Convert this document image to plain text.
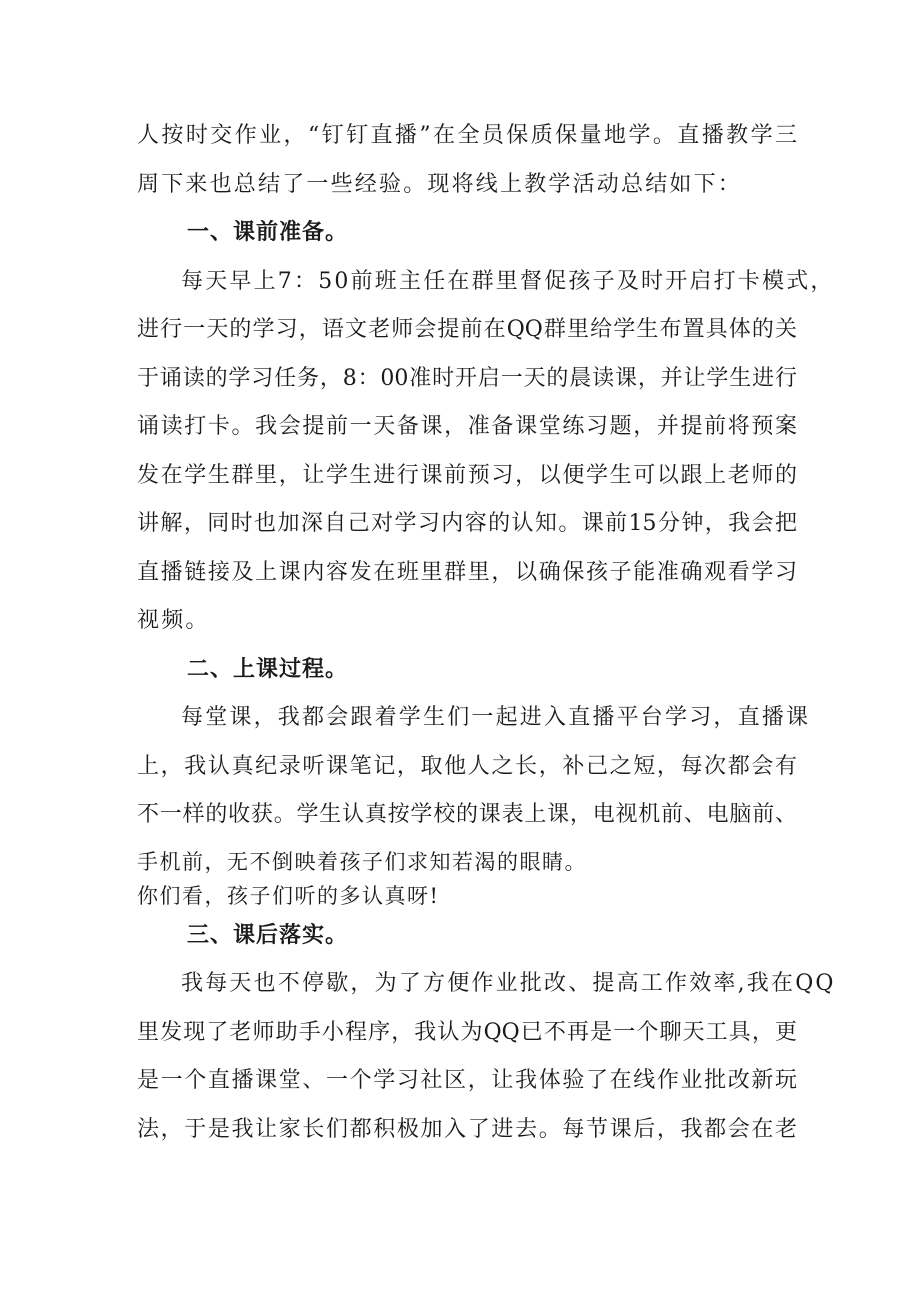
人按时交作业，“钉钉直播”在全员保质保量地学。直播教学三
周下来也总结了一些经验。现将线上教学活动总结如下：
一、课前准备。
每天早上7：50前班主任在群里督促孩子及时开启打卡模式，
进行一天的学习，语文老师会提前在QQ群里给学生布置具体的关
于诵读的学习任务，8：00准时开启一天的晨读课，并让学生进行
诵读打卡。我会提前一天备课，准备课堂练习题，并提前将预案
发在学生群里，让学生进行课前预习，以便学生可以跟上老师的
讲解，同时也加深自己对学习内容的认知。课前15分钟，我会把
直播链接及上课内容发在班里群里，以确保孩子能准确观看学习
视频。
二、上课过程。
每堂课，我都会跟着学生们一起进入直播平台学习，直播课
上，我认真纪录听课笔记，取他人之长，补己之短，每次都会有
不一样的收获。学生认真按学校的课表上课，电视机前、电脑前、
手机前，无不倒映着孩子们求知若渴的眼睛。
你们看，孩子们听的多认真呀!
三、课后落实。
我每天也不停歇，为了方便作业批改、提高工作效率,我在QQ
里发现了老师助手小程序，我认为QQ已不再是一个聊天工具，更
是一个直播课堂、一个学习社区，让我体验了在线作业批改新玩
法，于是我让家长们都积极加入了进去。每节课后，我都会在老
